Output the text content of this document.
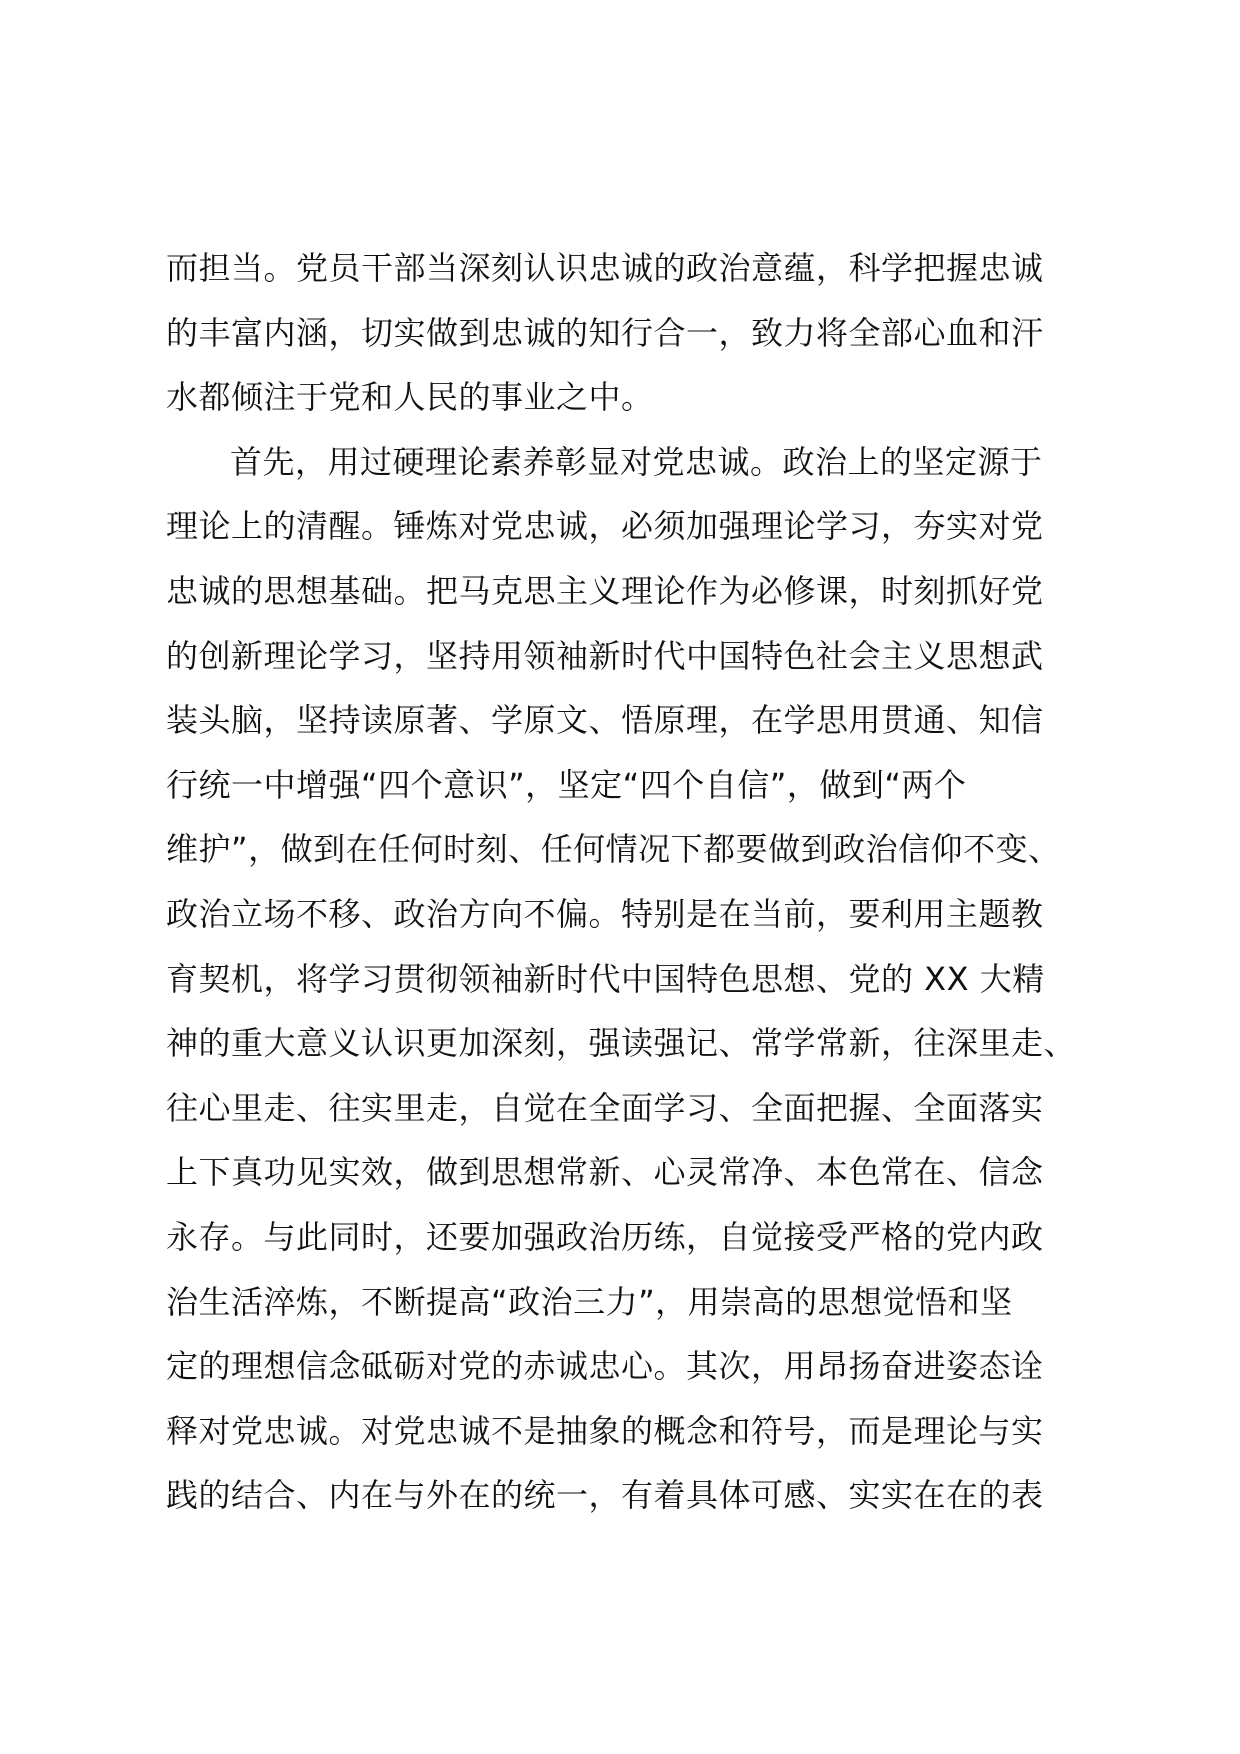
而担当。党员干部当深刻认识忠诚的政治意蕴，科学把握忠诚
的丰富内涵，切实做到忠诚的知行合一，致力将全部心血和汗
水都倾注于党和人民的事业之中。
首先，用过硬理论素养彰显对党忠诚。政治上的坚定源于
理论上的清醒。锤炼对党忠诚，必须加强理论学习，夯实对党
忠诚的思想基础。把马克思主义理论作为必修课，时刻抓好党
的创新理论学习，坚持用领袖新时代中国特色社会主义思想武
装头脑，坚持读原著、学原文、悟原理，在学思用贯通、知信
行统一中增强“四个意识”，坚定“四个自信”，做到“两个
维护”，做到在任何时刻、任何情况下都要做到政治信仰不变、
政治立场不移、政治方向不偏。特别是在当前，要利用主题教
育契机，将学习贯彻领袖新时代中国特色思想、党的 XX 大精
神的重大意义认识更加深刻，强读强记、常学常新，往深里走、
往心里走、往实里走，自觉在全面学习、全面把握、全面落实
上下真功见实效，做到思想常新、心灵常净、本色常在、信念
永存。与此同时，还要加强政治历练，自觉接受严格的党内政
治生活淬炼，不断提高“政治三力”，用崇高的思想觉悟和坚
定的理想信念砥砺对党的赤诚忠心。其次，用昂扬奋进姿态诠
释对党忠诚。对党忠诚不是抽象的概念和符号，而是理论与实
践的结合、内在与外在的统一，有着具体可感、实实在在的表
